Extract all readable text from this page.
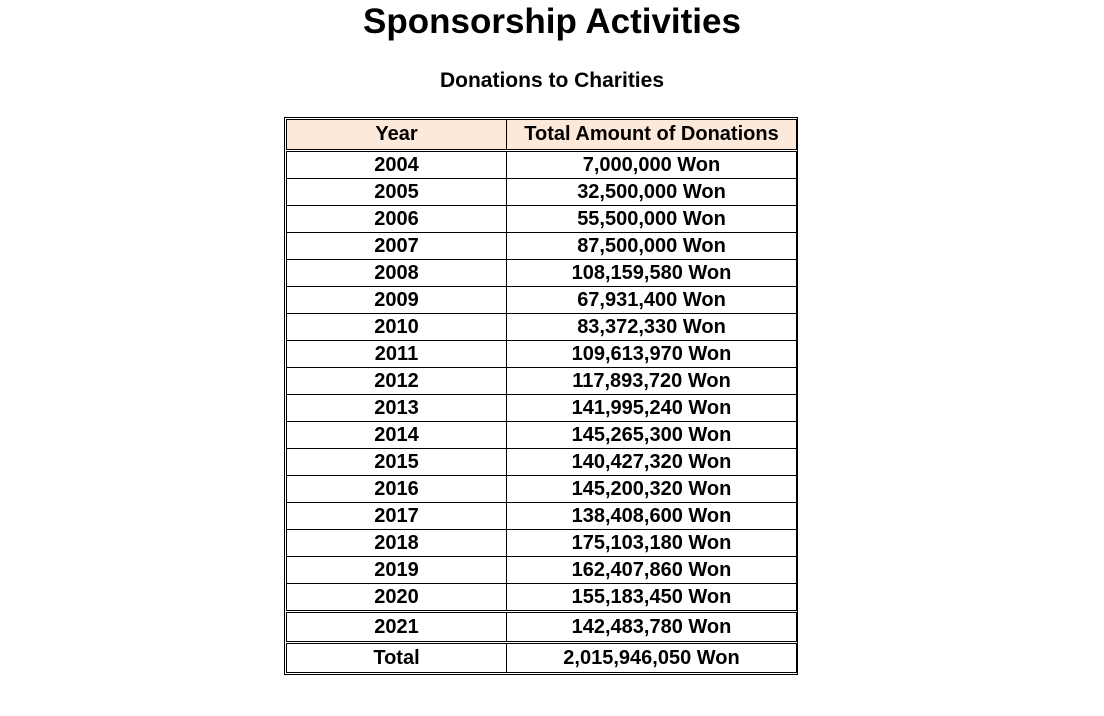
Sponsorship Activities
Donations to Charities
Year	Total Amount of Donations
2004	7,000,000 Won
2005	32,500,000 Won
2006	55,500,000 Won
2007	87,500,000 Won
2008	108,159,580 Won
2009	67,931,400 Won
2010	83,372,330 Won
2011	109,613,970 Won
2012	117,893,720 Won
2013	141,995,240 Won
2014	145,265,300 Won
2015	140,427,320 Won
2016	145,200,320 Won
2017	138,408,600 Won
2018	175,103,180 Won
2019	162,407,860 Won
2020	155,183,450 Won
2021	142,483,780 Won
Total	2,015,946,050 Won
